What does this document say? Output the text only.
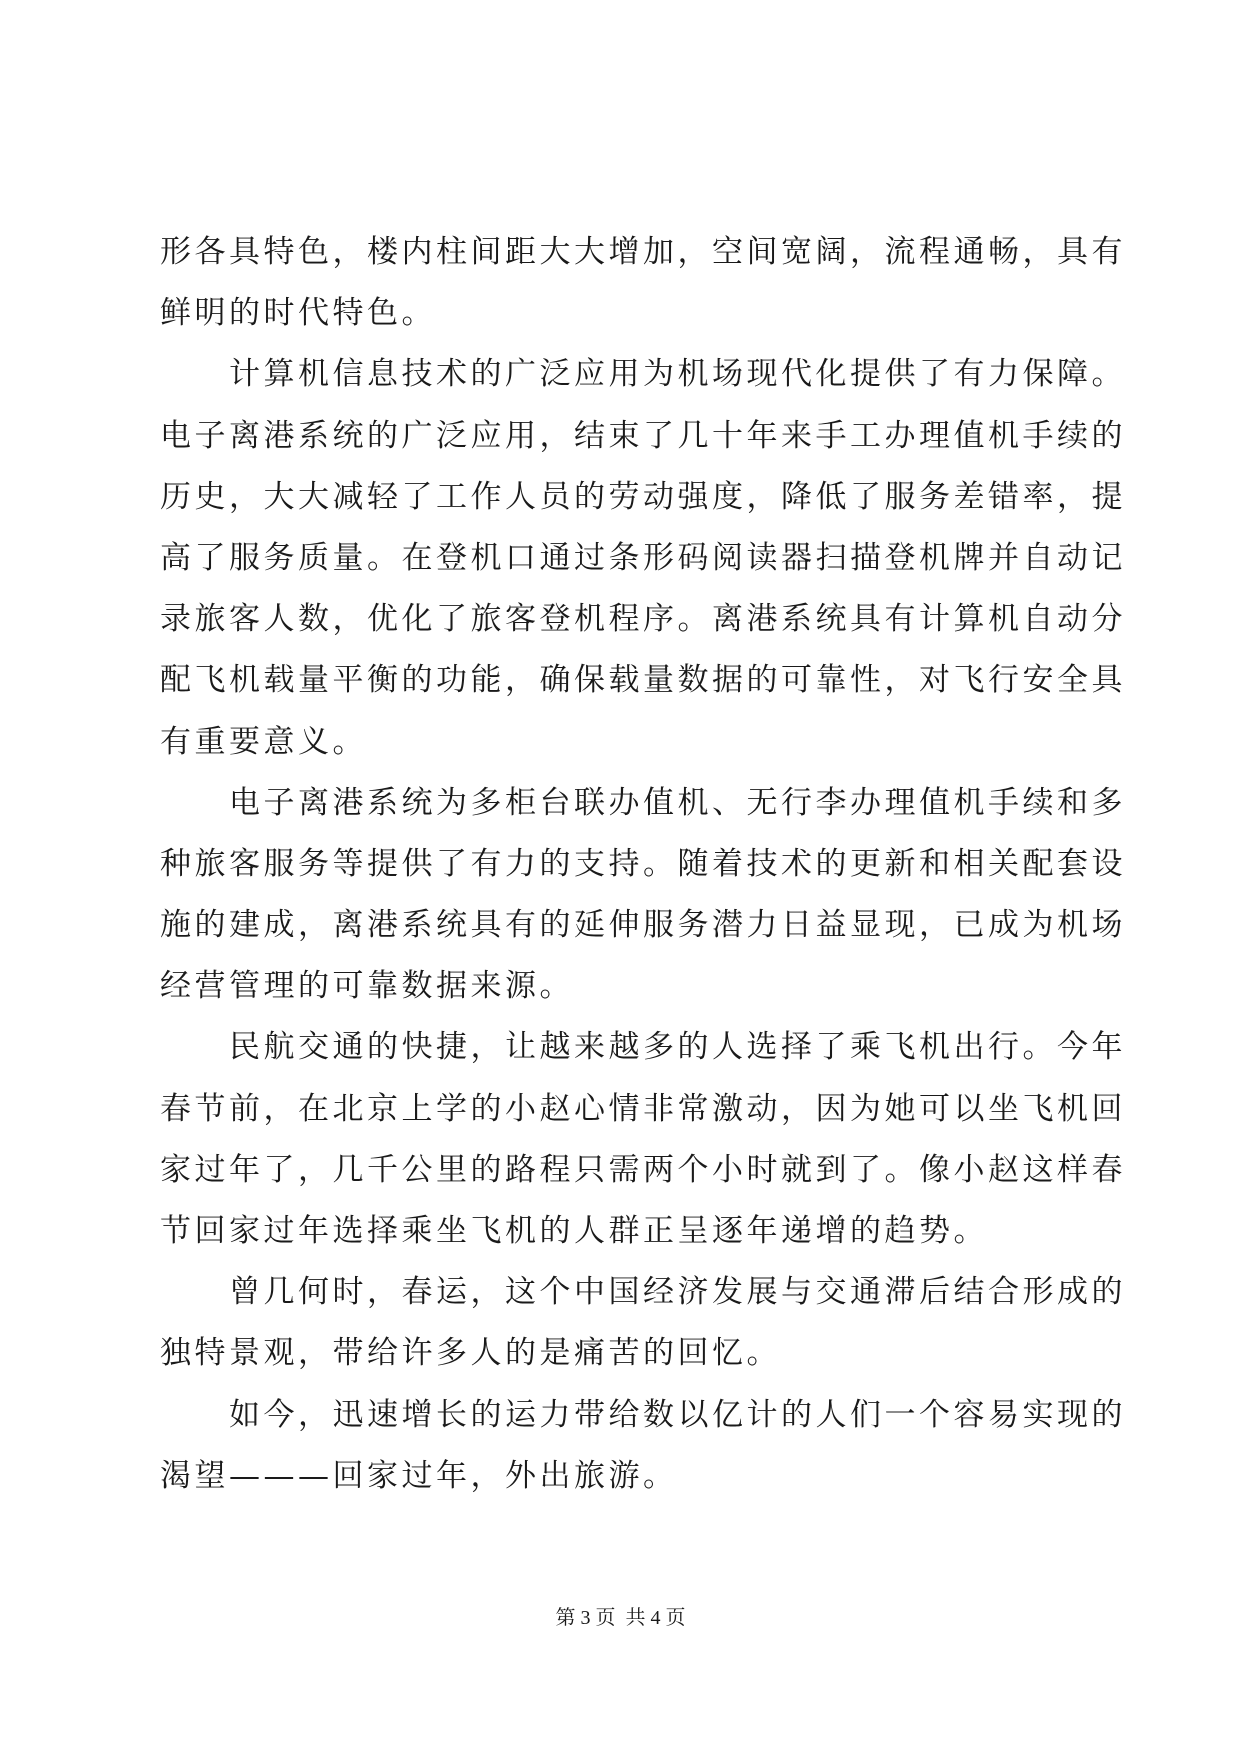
形各具特色，楼内柱间距大大增加，空间宽阔，流程通畅，具有
鲜明的时代特色。
　　计算机信息技术的广泛应用为机场现代化提供了有力保障。
电子离港系统的广泛应用，结束了几十年来手工办理值机手续的
历史，大大减轻了工作人员的劳动强度，降低了服务差错率，提
高了服务质量。在登机口通过条形码阅读器扫描登机牌并自动记
录旅客人数，优化了旅客登机程序。离港系统具有计算机自动分
配飞机载量平衡的功能，确保载量数据的可靠性，对飞行安全具
有重要意义。
　　电子离港系统为多柜台联办值机、无行李办理值机手续和多
种旅客服务等提供了有力的支持。随着技术的更新和相关配套设
施的建成，离港系统具有的延伸服务潜力日益显现，已成为机场
经营管理的可靠数据来源。
　　民航交通的快捷，让越来越多的人选择了乘飞机出行。今年
春节前，在北京上学的小赵心情非常激动，因为她可以坐飞机回
家过年了，几千公里的路程只需两个小时就到了。像小赵这样春
节回家过年选择乘坐飞机的人群正呈逐年递增的趋势。
　　曾几何时，春运，这个中国经济发展与交通滞后结合形成的
独特景观，带给许多人的是痛苦的回忆。
　　如今，迅速增长的运力带给数以亿计的人们一个容易实现的
渴望———回家过年，外出旅游。
第 3 页  共 4 页
